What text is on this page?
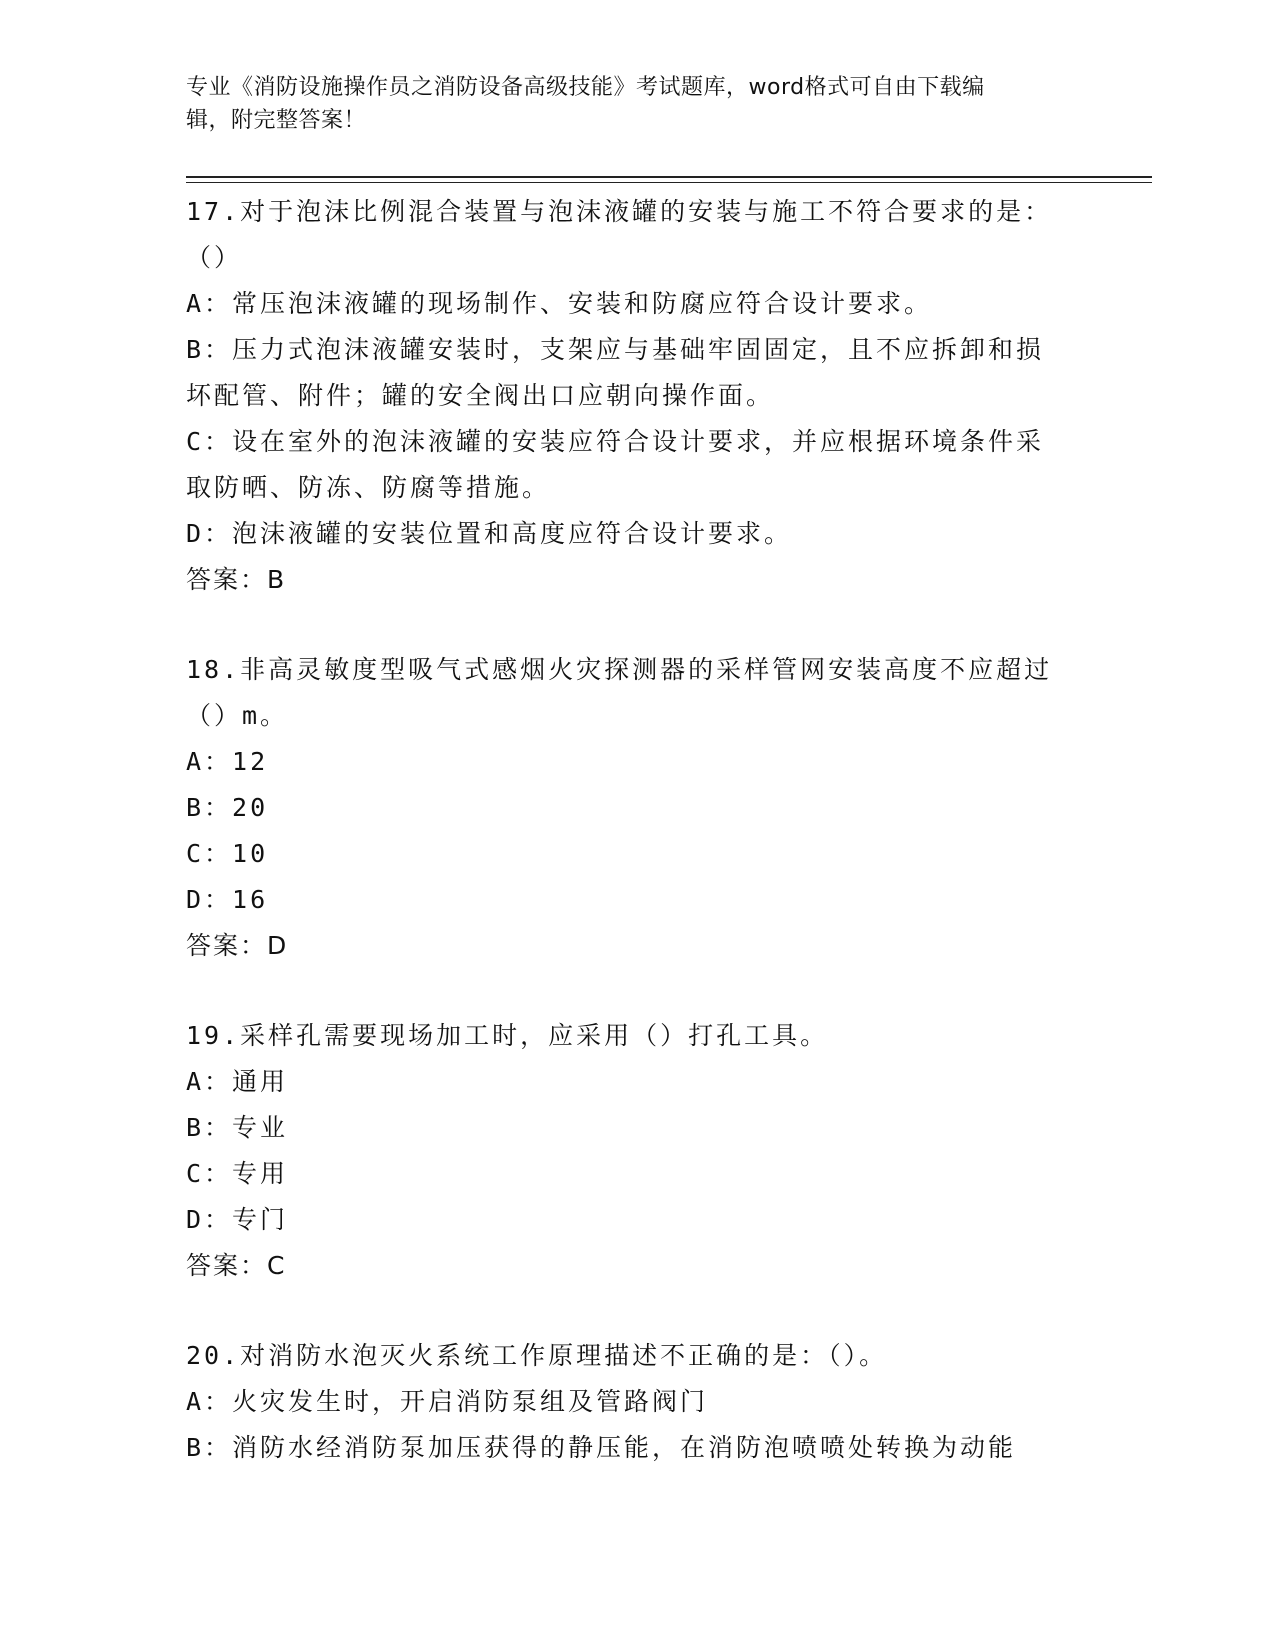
专业《消防设施操作员之消防设备高级技能》考试题库，word格式可自由下载编
辑，附完整答案！
17.对于泡沫比例混合装置与泡沫液罐的安装与施工不符合要求的是：
（）
A：常压泡沫液罐的现场制作、安装和防腐应符合设计要求。
B：压力式泡沫液罐安装时，支架应与基础牢固固定，且不应拆卸和损
坏配管、附件；罐的安全阀出口应朝向操作面。
C：设在室外的泡沫液罐的安装应符合设计要求，并应根据环境条件采
取防晒、防冻、防腐等措施。
D：泡沫液罐的安装位置和高度应符合设计要求。
答案：B
18.非高灵敏度型吸气式感烟火灾探测器的采样管网安装高度不应超过
（）m。
A：12
B：20
C：10
D：16
答案：D
19.采样孔需要现场加工时，应采用（）打孔工具。
A：通用
B：专业
C：专用
D：专门
答案：C
20.对消防水泡灭火系统工作原理描述不正确的是：（）。
A：火灾发生时，开启消防泵组及管路阀门
B：消防水经消防泵加压获得的静压能，在消防泡喷喷处转换为动能
